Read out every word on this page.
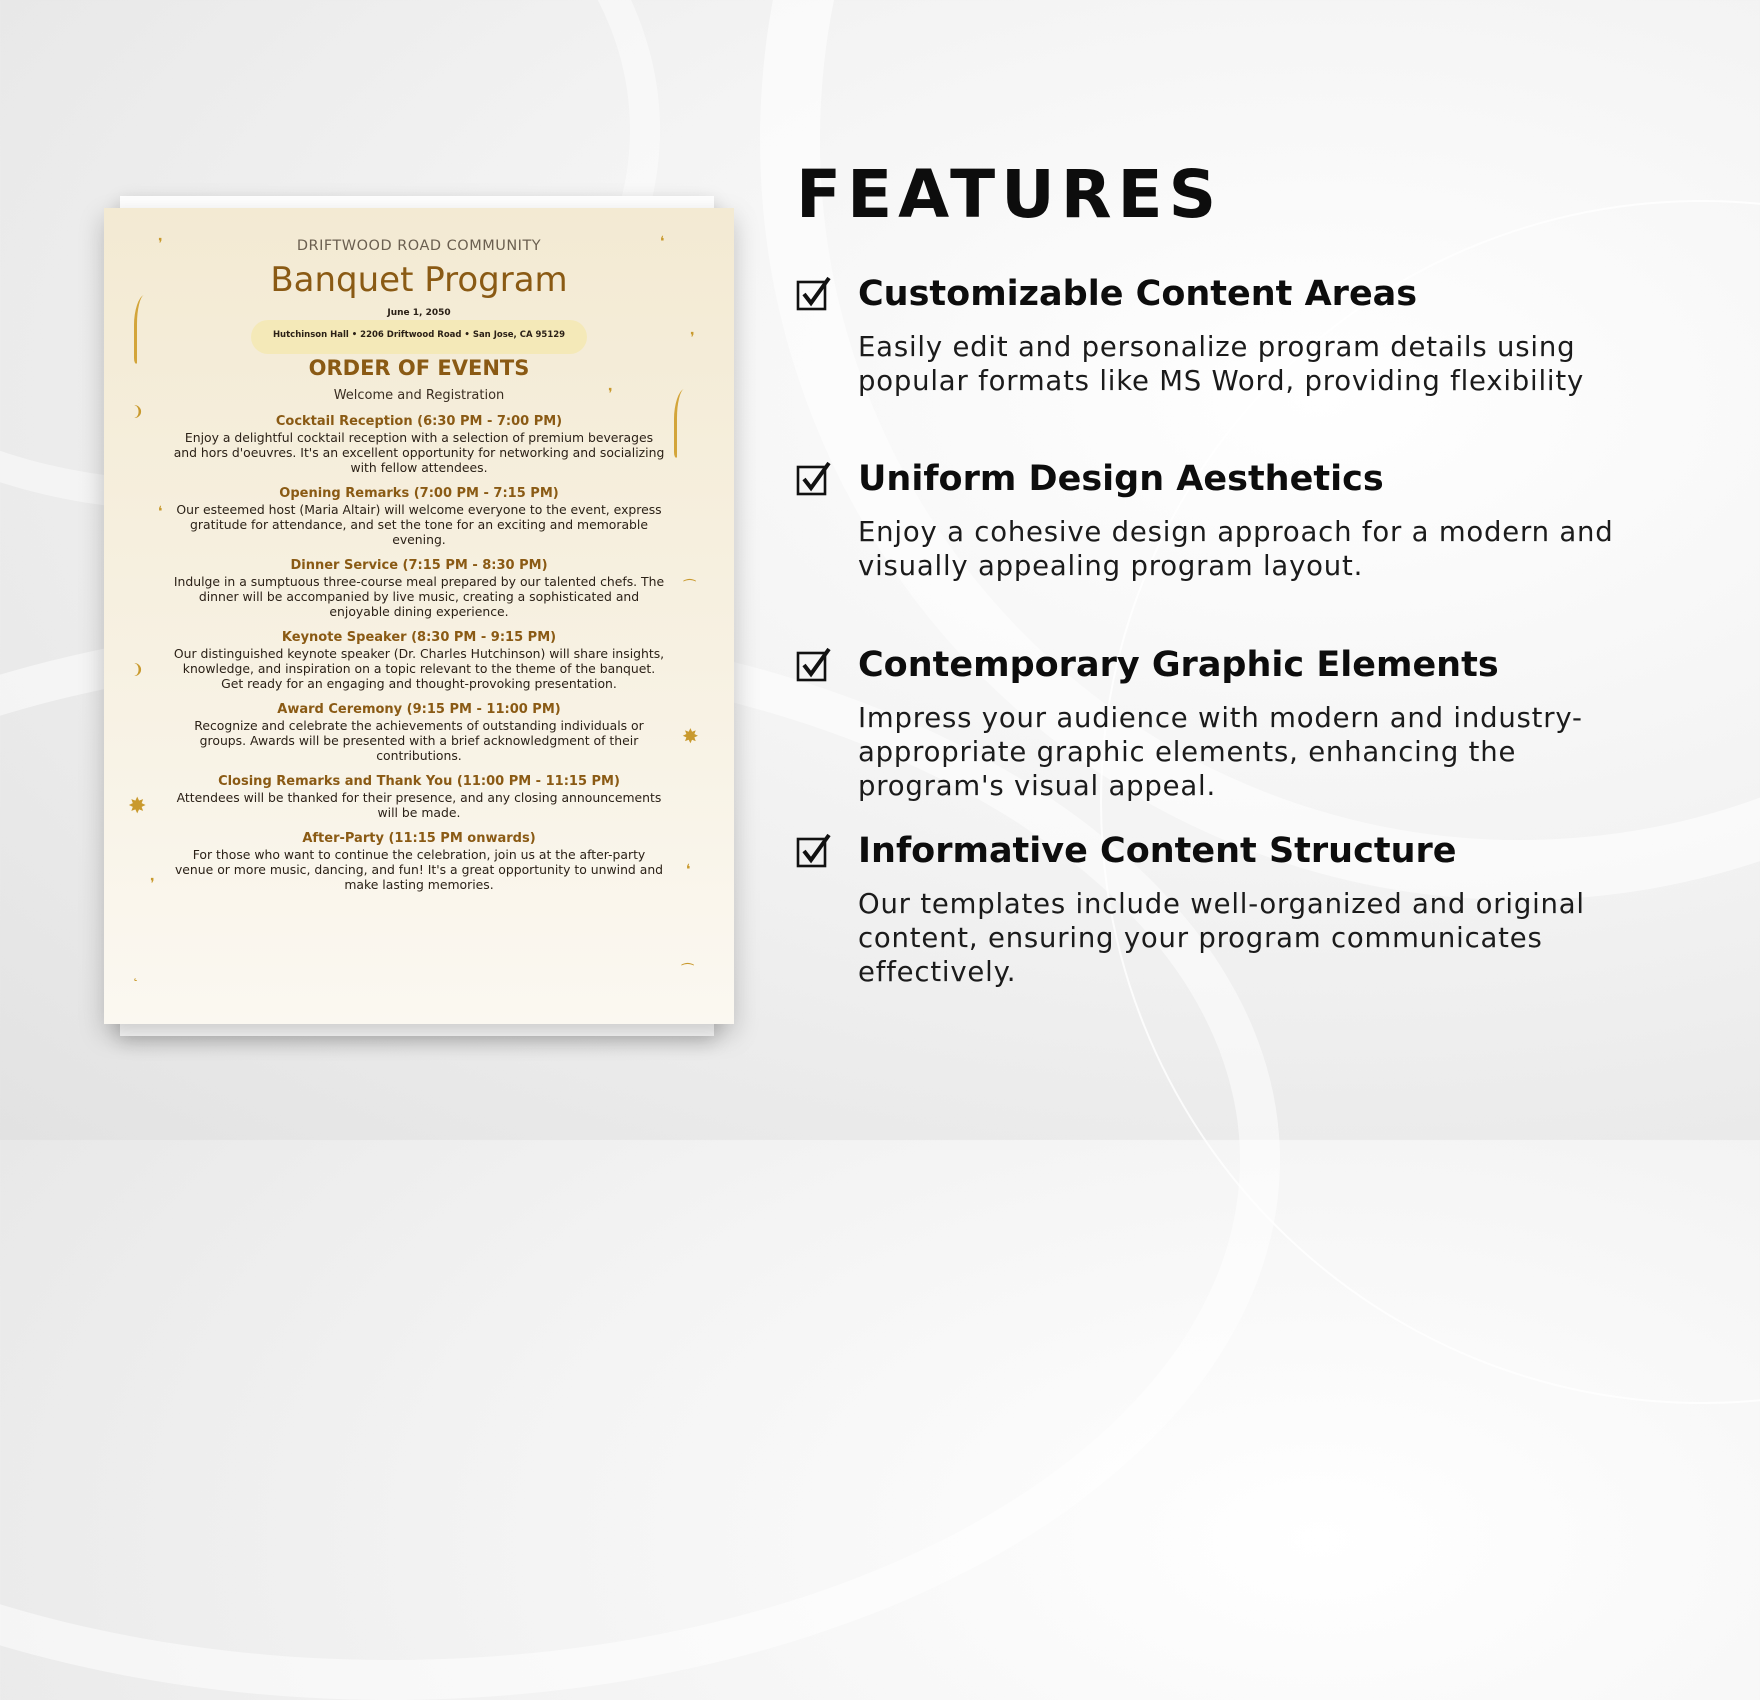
❜	❛
❜
❩
❜
❛
⁀
❩
✸
✸
❜
❛
˛	⁀
DRIFTWOOD ROAD COMMUNITY
Banquet Program
June 1, 2050
Hutchinson Hall • 2206 Driftwood Road • San Jose, CA 95129
ORDER OF EVENTS
Welcome and Registration
Cocktail Reception (6:30 PM - 7:00 PM)
Enjoy a delightful cocktail reception with a selection of premium beverages and hors d'oeuvres. It's an excellent opportunity for networking and socializing with fellow attendees.
Opening Remarks (7:00 PM - 7:15 PM)
Our esteemed host (Maria Altair) will welcome everyone to the event, express gratitude for attendance, and set the tone for an exciting and memorable evening.
Dinner Service (7:15 PM - 8:30 PM)
Indulge in a sumptuous three-course meal prepared by our talented chefs. The dinner will be accompanied by live music, creating a sophisticated and enjoyable dining experience.
Keynote Speaker (8:30 PM - 9:15 PM)
Our distinguished keynote speaker (Dr. Charles Hutchinson) will share insights, knowledge, and inspiration on a topic relevant to the theme of the banquet. Get ready for an engaging and thought-provoking presentation.
Award Ceremony (9:15 PM - 11:00 PM)
Recognize and celebrate the achievements of outstanding individuals or groups. Awards will be presented with a brief acknowledgment of their contributions.
Closing Remarks and Thank You (11:00 PM - 11:15 PM)
Attendees will be thanked for their presence, and any closing announcements will be made.
After-Party (11:15 PM onwards)
For those who want to continue the celebration, join us at the after-party venue or more music, dancing, and fun! It's a great opportunity to unwind and make lasting memories.
FEATURES
Customizable Content Areas

Easily edit and personalize program details using popular formats like MS Word, providing flexibility

Uniform Design Aesthetics

Enjoy a cohesive design approach for a modern and visually appealing program layout.

Contemporary Graphic Elements

Impress your audience with modern and industry-appropriate graphic elements, enhancing the program's visual appeal.

Informative Content Structure

Our templates include well-organized and original content, ensuring your program communicates effectively.
